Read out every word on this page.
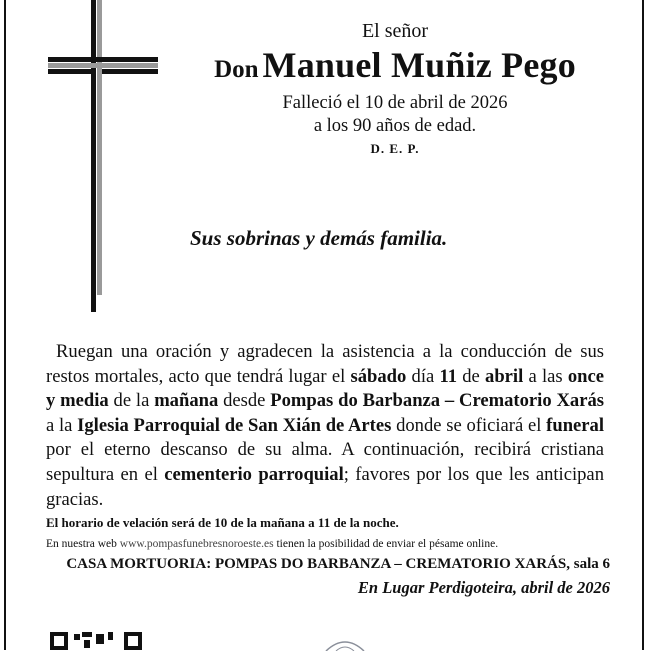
El señor
Don Manuel Muñiz Pego
Falleció el 10 de abril de 2026
a los 90 años de edad.
D. E. P.
Sus sobrinas y demás familia.

Ruegan una oración y agradecen la asistencia a la conducción de sus restos mortales, acto que tendrá lugar el sábado día 11 de abril a las once y media de la mañana desde Pompas do Barbanza – Crematorio Xarás a la Iglesia Parroquial de San Xián de Artes donde se oficiará el funeral por el eterno descanso de su alma. A continuación, recibirá cristiana sepultura en el cementerio parroquial; favores por los que les anticipan gracias.

El horario de velación será de 10 de la mañana a 11 de la noche.
En nuestra web www.pompasfunebresnoroeste.es tienen la posibilidad de enviar el pésame online.
CASA MORTUORIA: POMPAS DO BARBANZA – CREMATORIO XARÁS, sala 6
En Lugar Perdigoteira, abril de 2026
